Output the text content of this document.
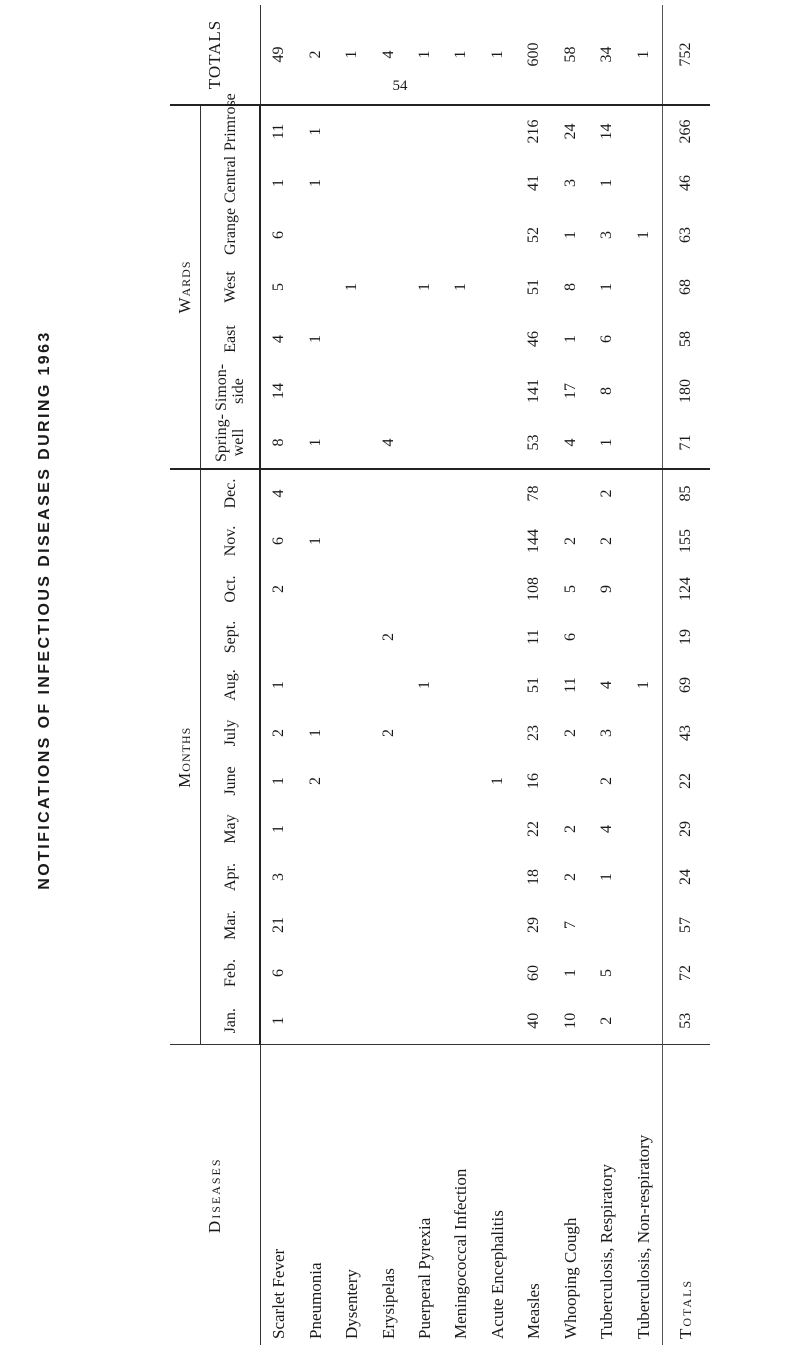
54
NOTIFICATIONS OF INFECTIOUS DISEASES DURING 1963
Diseases	Months												Wards							TOTALS
	Jan.	Feb.	Mar.	Apr.	May	June	July	Aug.	Sept.	Oct.	Nov.	Dec.	Spring-well	Simon-side	East	West	Grange	Central	Primrose	
Scarlet Fever	1	6	21	3	1	1	2	1		2	6	4	8	14	4	5	6	1	11	49
Pneumonia						2	1				1		1		1			1	1	2
Dysentery																1				1
Erysipelas							2		2				4							4
Puerperal Pyrexia								1								1				1
Meningococcal Infection																1				1
Acute Encephalitis						1														1
Measles	40	60	29	18	22	16	23	51	11	108	144	78	53	141	46	51	52	41	216	600
Whooping Cough	10	1	7	2	2		2	11	6	5	2		4	17	1	8	1	3	24	58
Tuberculosis, Respiratory	2	5		1	4	2	3	4		9	2	2	1	8	6	1	3	1	14	34
Tuberculosis, Non-respiratory								1									1			1
Totals	53	72	57	24	29	22	43	69	19	124	155	85	71	180	58	68	63	46	266	752
